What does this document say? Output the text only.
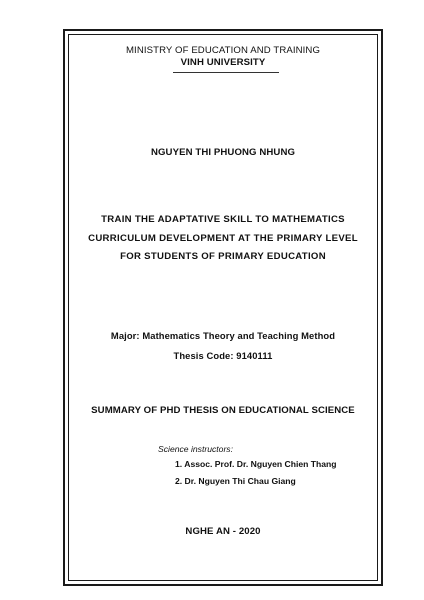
MINISTRY OF EDUCATION AND TRAINING
VINH UNIVERSITY
NGUYEN THI PHUONG NHUNG
TRAIN THE ADAPTATIVE SKILL TO MATHEMATICS
CURRICULUM DEVELOPMENT AT THE PRIMARY LEVEL
FOR STUDENTS OF PRIMARY EDUCATION
Major: Mathematics Theory and Teaching Method
Thesis Code: 9140111
SUMMARY OF PHD THESIS ON EDUCATIONAL SCIENCE
Science instructors:
1. Assoc. Prof. Dr. Nguyen Chien Thang
2. Dr. Nguyen Thi Chau Giang
NGHE AN - 2020
